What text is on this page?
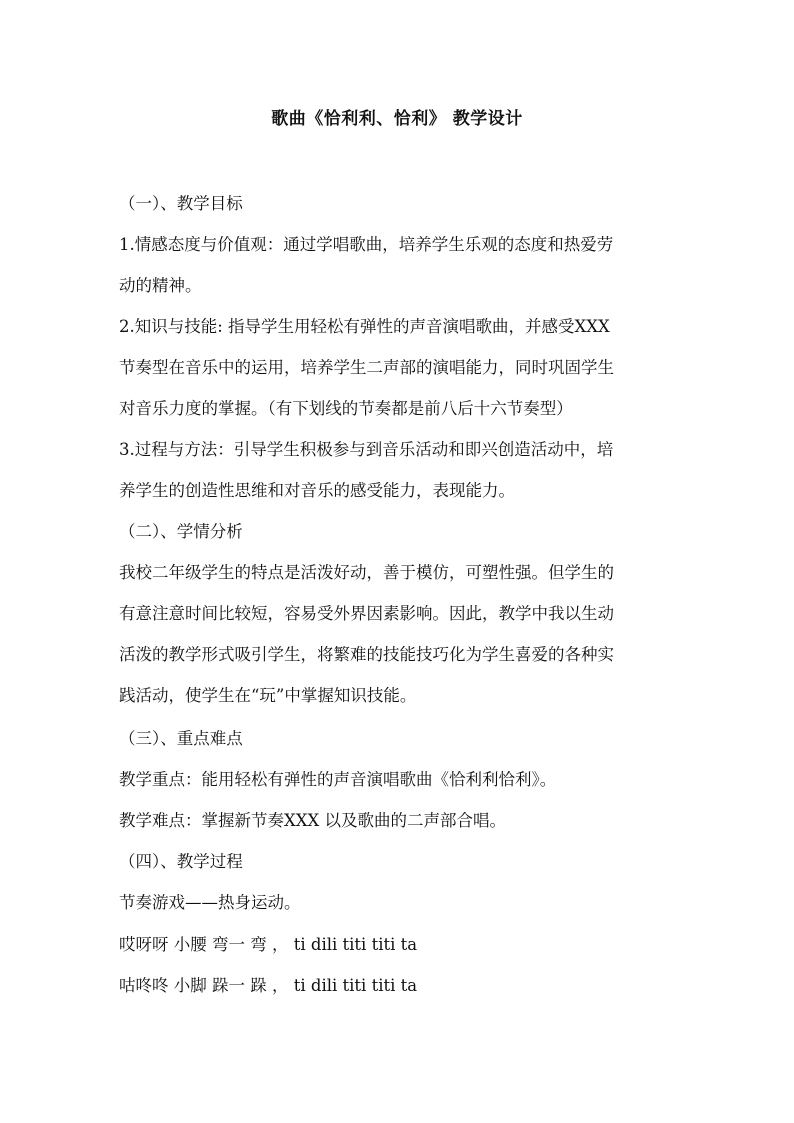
歌曲《恰利利、恰利》 教学设计
（一）、教学目标
1.情感态度与价值观：通过学唱歌曲，培养学生乐观的态度和热爱劳
动的精神。
2.知识与技能: 指导学生用轻松有弹性的声音演唱歌曲，并感受XXX
节奏型在音乐中的运用，培养学生二声部的演唱能力，同时巩固学生
对音乐力度的掌握。（有下划线的节奏都是前八后十六节奏型）
3.过程与方法：引导学生积极参与到音乐活动和即兴创造活动中，培
养学生的创造性思维和对音乐的感受能力，表现能力。
（二）、学情分析
我校二年级学生的特点是活泼好动，善于模仿，可塑性强。但学生的
有意注意时间比较短，容易受外界因素影响。因此，教学中我以生动
活泼的教学形式吸引学生，将繁难的技能技巧化为学生喜爱的各种实
践活动，使学生在“玩”中掌握知识技能。
（三）、重点难点
教学重点：能用轻松有弹性的声音演唱歌曲《恰利利恰利》。
教学难点：掌握新节奏XXX 以及歌曲的二声部合唱。
（四）、教学过程
节奏游戏——热身运动。
哎呀呀 小腰 弯一 弯 ， ti dili titi titi ta
咕咚咚 小脚 跺一 跺 ， ti dili titi titi ta
